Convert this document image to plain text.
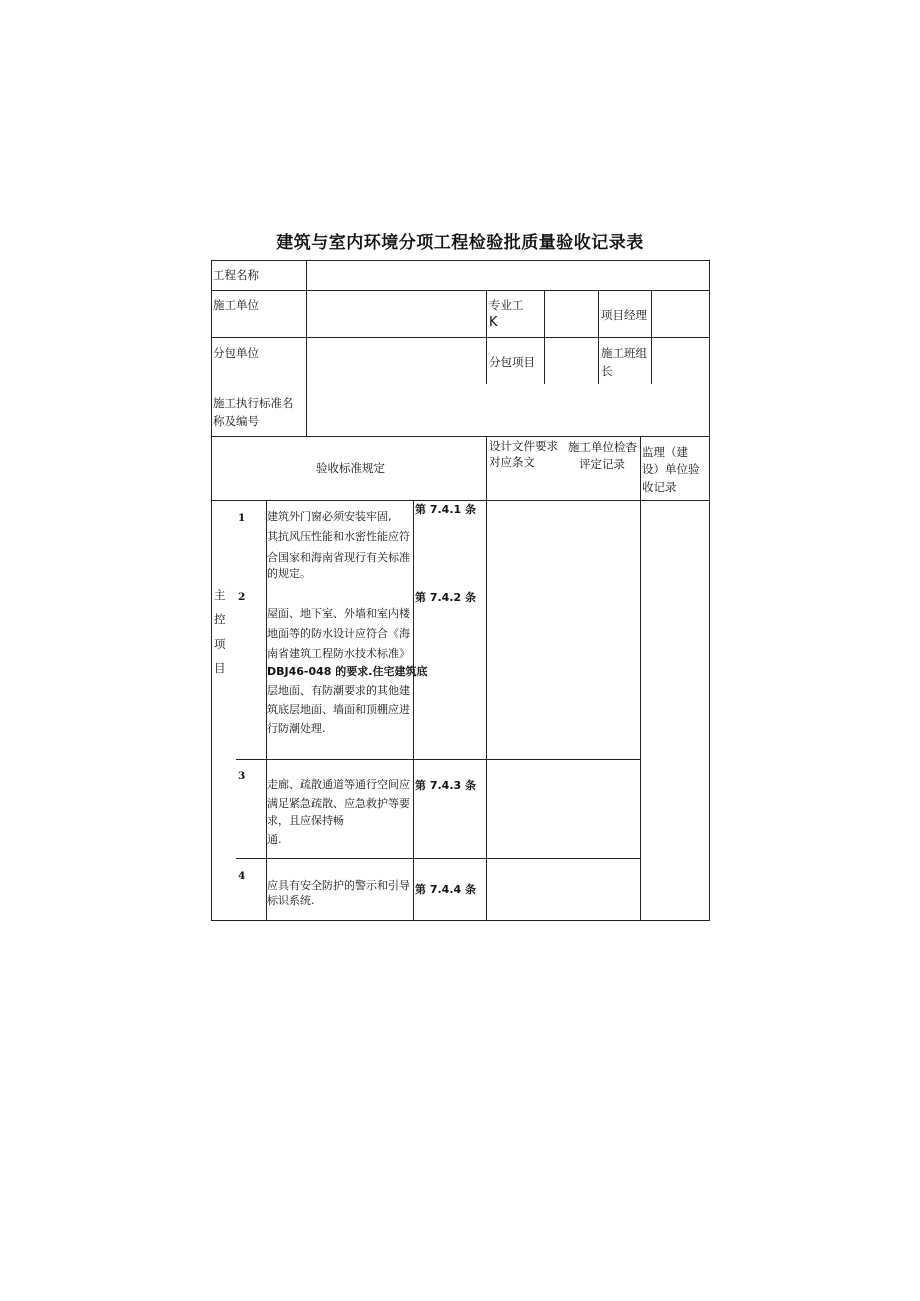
建筑与室内环境分项工程检验批质量验收记录表
工程名称
施工单位	专业工
K	项目经理
分包单位
分包项目
施工班组
长
施工执行标准名
称及编号
验收标准规定
设计文件要求
对应条文
施工单位检杳
评定记录
监理（建
设）单位验
收记录
主
控
项
目
1 建筑外门窗必须安装牢固,
其抗风压性能和水密性能应符
合国家和海南省现行有关标准
的规定。
第 7.4.1 条
2
屋面、地下室、外墙和室内楼
地面等的防水设计应符合《海
南省建筑工程防水技术标准》
DBJ46-048 的要求.住宅建筑底
层地面、有防潮要求的其他建
筑底层地面、墙面和顶棚应进
行防潮处理.
第 7.4.2 条
3
走廊、疏散通道等通行空间应
满足紧急疏散、应急救护等要
求，且应保持畅
通.
第 7.4.3 条
4
应具有安全防护的警示和引导
标识系统.
第 7.4.4 条
